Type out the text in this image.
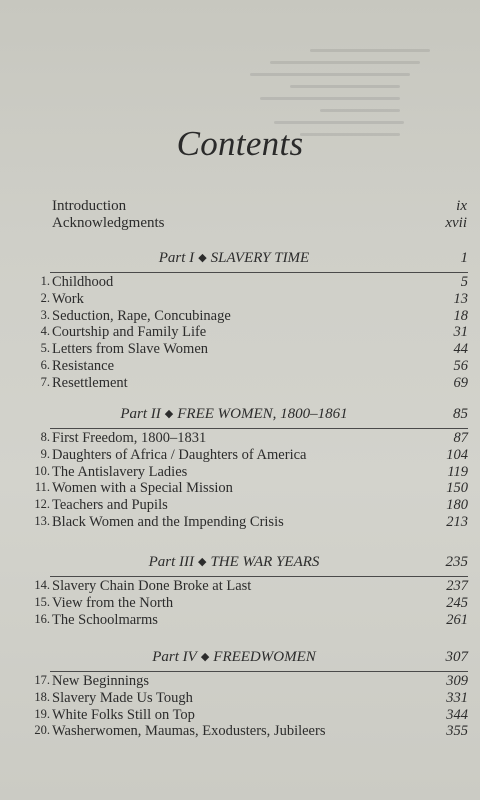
Contents
Introduction	ix
Acknowledgments	xvii
Part I ◆ SLAVERY TIME	1
1. Childhood	5
2. Work	13
3. Seduction, Rape, Concubinage	18
4. Courtship and Family Life	31
5. Letters from Slave Women	44
6. Resistance	56
7. Resettlement	69
Part II ◆ FREE WOMEN, 1800–1861	85
8. First Freedom, 1800–1831	87
9. Daughters of Africa / Daughters of America	104
10. The Antislavery Ladies	119
11. Women with a Special Mission	150
12. Teachers and Pupils	180
13. Black Women and the Impending Crisis	213
Part III ◆ THE WAR YEARS	235
14. Slavery Chain Done Broke at Last	237
15. View from the North	245
16. The Schoolmarms	261
Part IV ◆ FREEDWOMEN	307
17. New Beginnings	309
18. Slavery Made Us Tough	331
19. White Folks Still on Top	344
20. Washerwomen, Maumas, Exodusters, Jubileers	355
